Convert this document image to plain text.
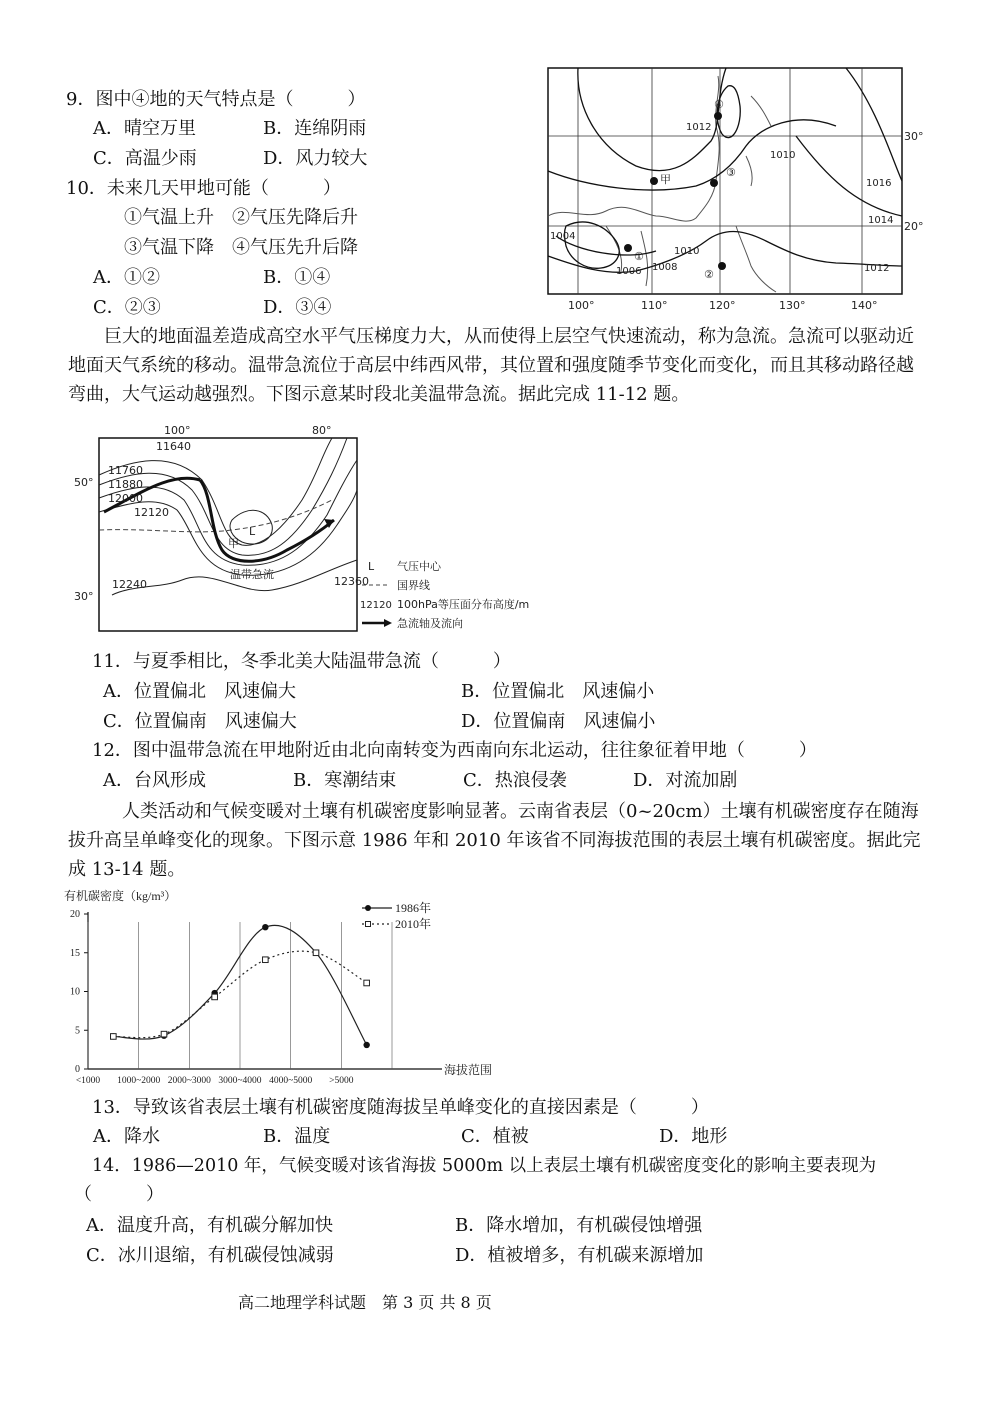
9．图中④地的天气特点是（　　　）
A．晴空万里	B．连绵阴雨
C．高温少雨	D．风力较大
10．未来几天甲地可能（　　　）
①气温上升　②气压先降后升
③气温下降　④气压先升后降
A．①②	B．①④
C．②③	D．③④
甲
①
②
③
④
1012
1010
1016
1014
1012
1004
1006 1008
1010
100°	110°	120°	130°	140°
30°
20°
巨大的地面温差造成高空水平气压梯度力大，从而使得上层空气快速流动，称为急流。急流可以驱动近地面天气系统的移动。温带急流位于高层中纬西风带，其位置和强度随季节变化而变化，而且其移动路径越弯曲，大气运动越强烈。下图示意某时段北美温带急流。据此完成 11-12 题。
100°	80°
50°
30°
11640
11760
11880
12000
12120
12240	12360
甲
温带急流
L
L 气压中心
国界线
12120 100hPa等压面分布高度/m
急流轴及流向
11．与夏季相比，冬季北美大陆温带急流（　　　）
A．位置偏北　风速偏大	B．位置偏北　风速偏小
C．位置偏南　风速偏大	D．位置偏南　风速偏小
12．图中温带急流在甲地附近由北向南转变为西南向东北运动，往往象征着甲地（　　　）
A．台风形成	B．寒潮结束	C．热浪侵袭	D．对流加剧
人类活动和气候变暖对土壤有机碳密度影响显著。云南省表层（0~20cm）土壤有机碳密度存在随海拔升高呈单峰变化的现象。下图示意 1986 年和 2010 年该省不同海拔范围的表层土壤有机碳密度。据此完成 13-14 题。
0
5
10
15
20
<1000 1000~2000 2000~3000 3000~4000 4000~5000 >5000
有机碳密度（kg/m³）
海拔范围
1986年
2010年
13．导致该省表层土壤有机碳密度随海拔呈单峰变化的直接因素是（　　　）
A．降水	B．温度	C．植被	D．地形
14．1986—2010 年，气候变暖对该省海拔 5000m 以上表层土壤有机碳密度变化的影响主要表现为
（　　　）
A．温度升高，有机碳分解加快	B．降水增加，有机碳侵蚀增强
C．冰川退缩，有机碳侵蚀减弱	D．植被增多，有机碳来源增加
高二地理学科试题　第 3 页 共 8 页
